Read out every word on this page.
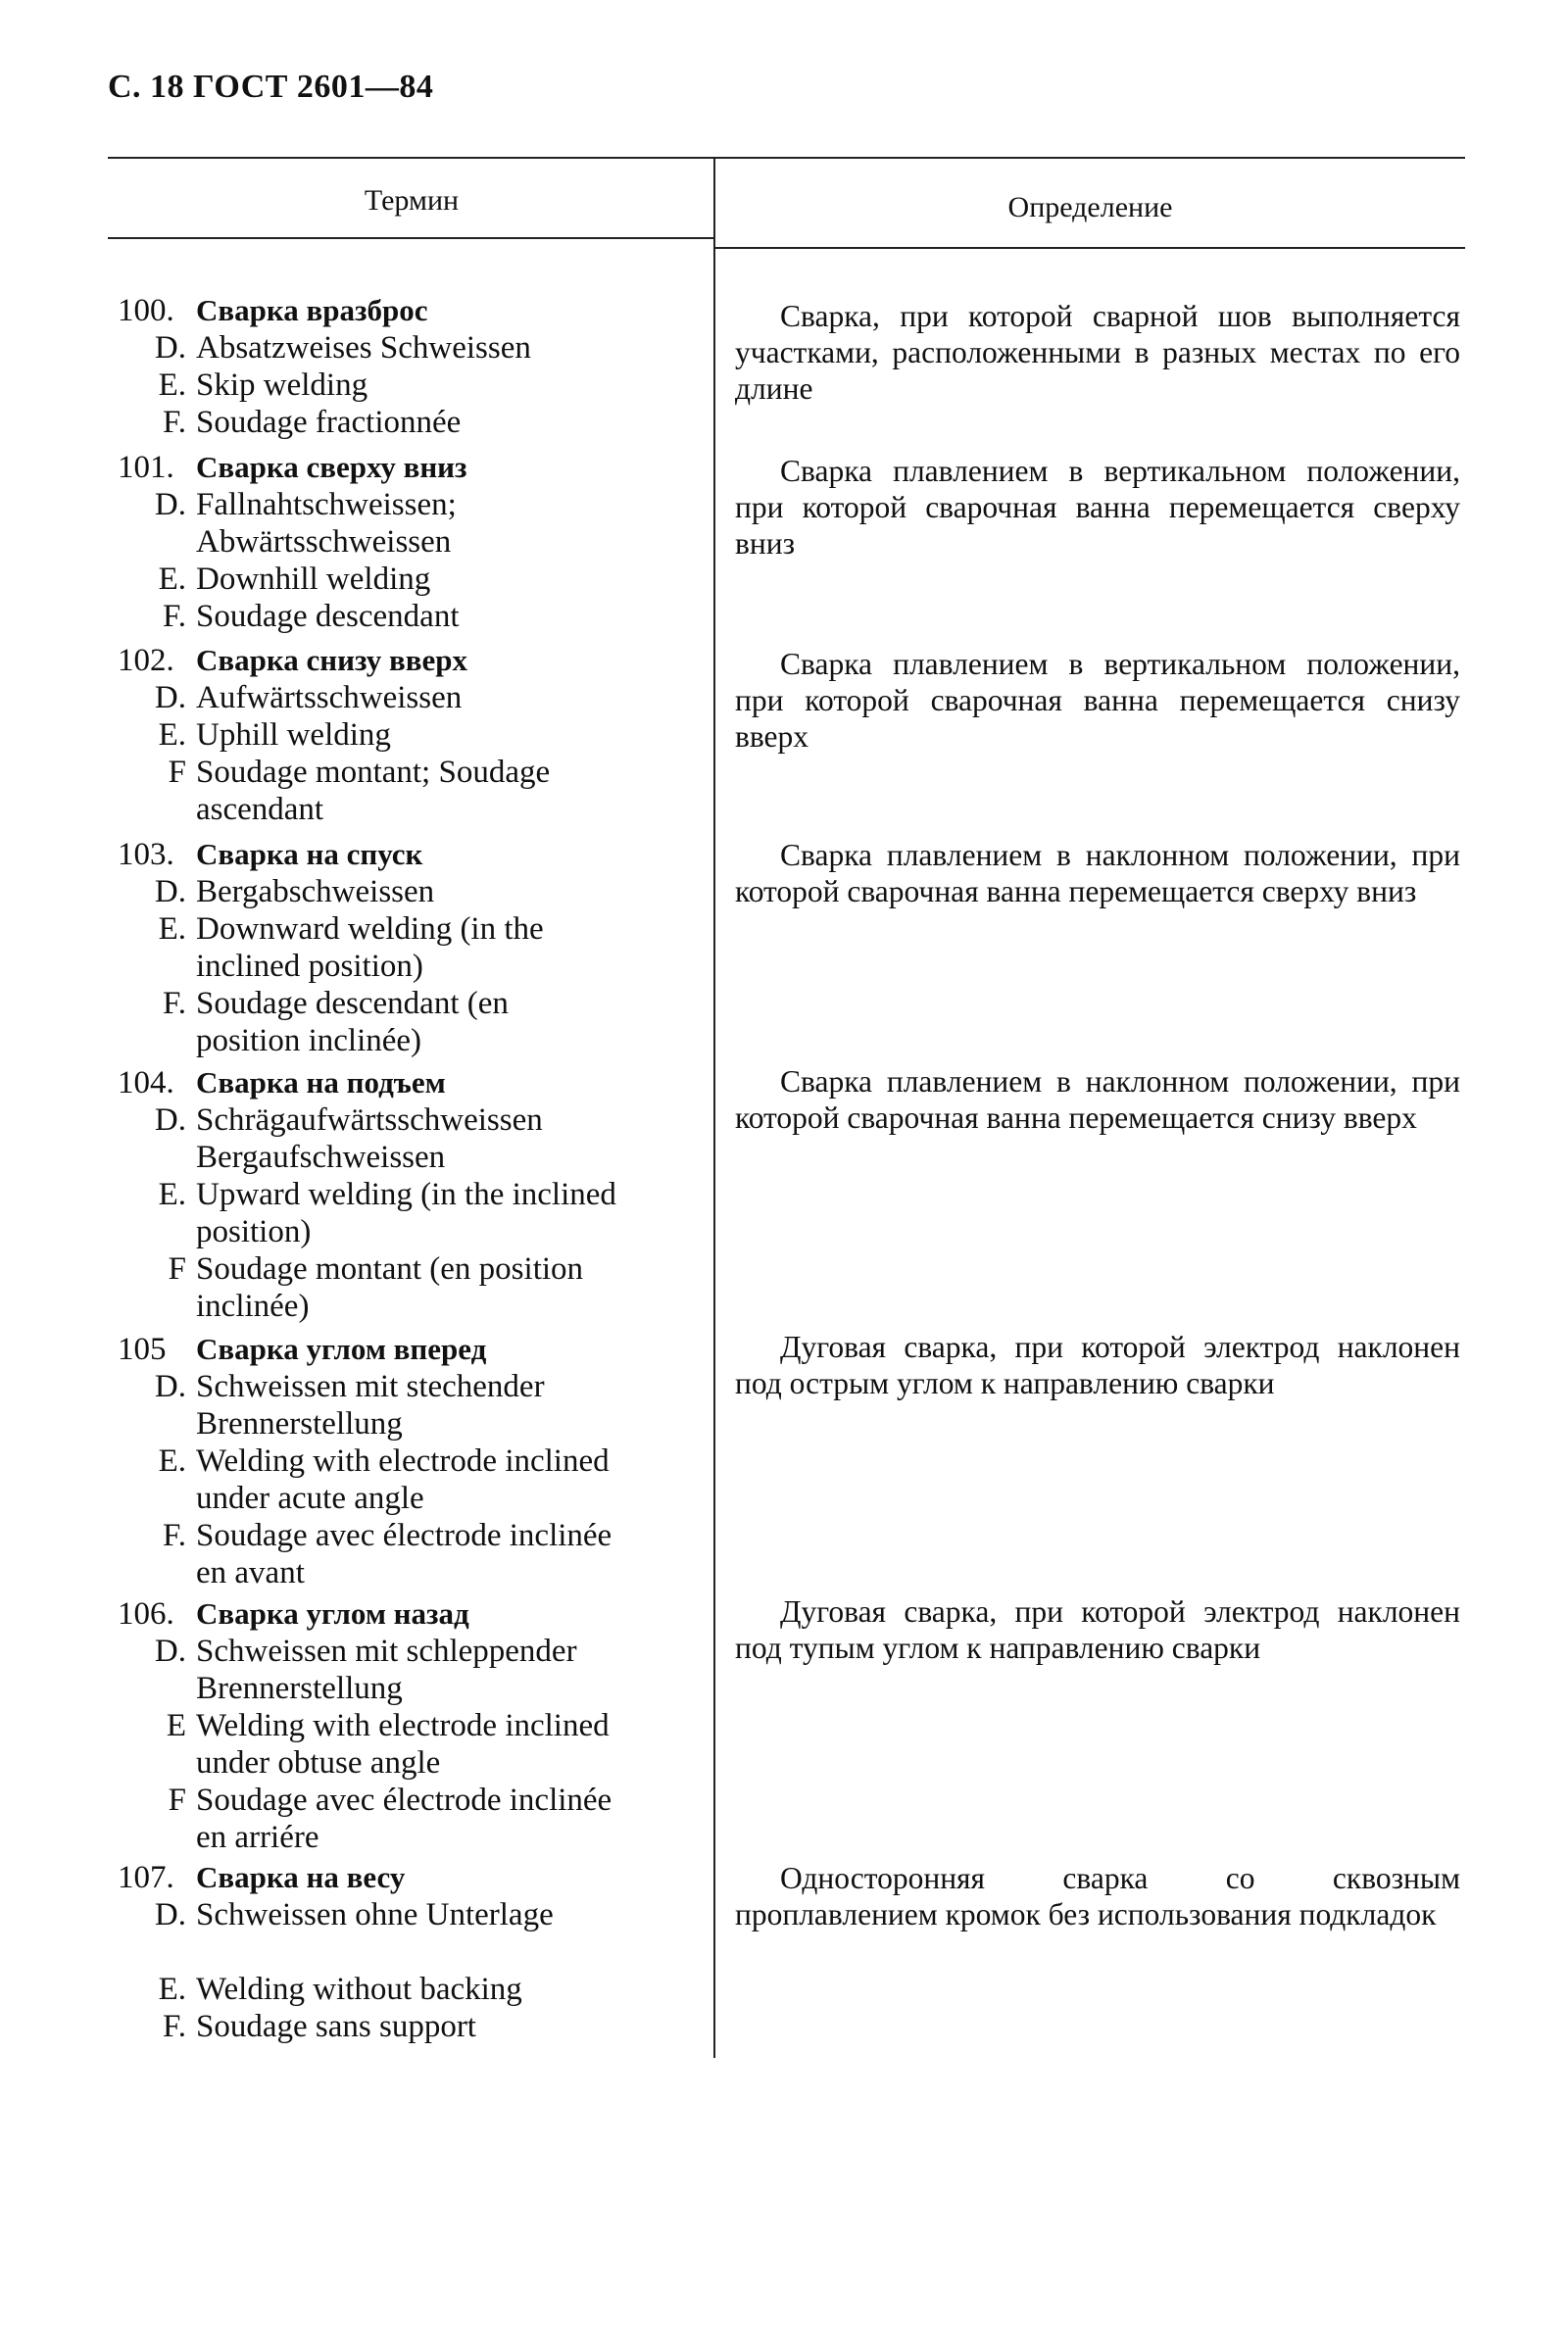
С. 18 ГОСТ 2601—84
Термин	Определение
100. Сварка вразброс
D. Absatzweises Schweissen
E. Skip welding
F. Soudage fractionnée
Сварка, при которой сварной шов выполняется участками, расположенными в разных местах по его длине
101. Сварка сверху вниз
D. Fallnahtschweissen; Abwärtsschweissen
E. Downhill welding
F. Soudage descendant
Сварка плавлением в вертикальном положении, при которой сварочная ванна перемещается сверху вниз
102. Сварка снизу вверх
D. Aufwärtsschweissen
E. Uphill welding
F Soudage montant; Soudage ascendant
Сварка плавлением в вертикальном положении, при которой сварочная ванна перемещается снизу вверх
103. Сварка на спуск
D. Bergabschweissen
E. Downward welding (in the inclined position)
F. Soudage descendant (en position inclinée)
Сварка плавлением в наклонном положении, при которой сварочная ванна перемещается сверху вниз
104. Сварка на подъем
D. Schrägaufwärtsschweissen Bergaufschweissen
E. Upward welding (in the inclined position)
F Soudage montant (en position inclinée)
Сварка плавлением в наклонном положении, при которой сварочная ванна перемещается снизу вверх
105 Сварка углом вперед
D. Schweissen mit stechender Brennerstellung
E. Welding with electrode inclined under acute angle
F. Soudage avec électrode inclinée en avant
Дуговая сварка, при которой электрод наклонен под острым углом к направлению сварки
106. Сварка углом назад
D. Schweissen mit schleppender Brennerstellung
E Welding with electrode inclined under obtuse angle
F Soudage avec électrode inclinée en arriére
Дуговая сварка, при которой электрод наклонен под тупым углом к направлению сварки
107. Сварка на весу
D. Schweissen ohne Unterlage
E. Welding without backing
F. Soudage sans support
Односторонняя сварка со сквозным проплавлением кромок без использования подкладок
